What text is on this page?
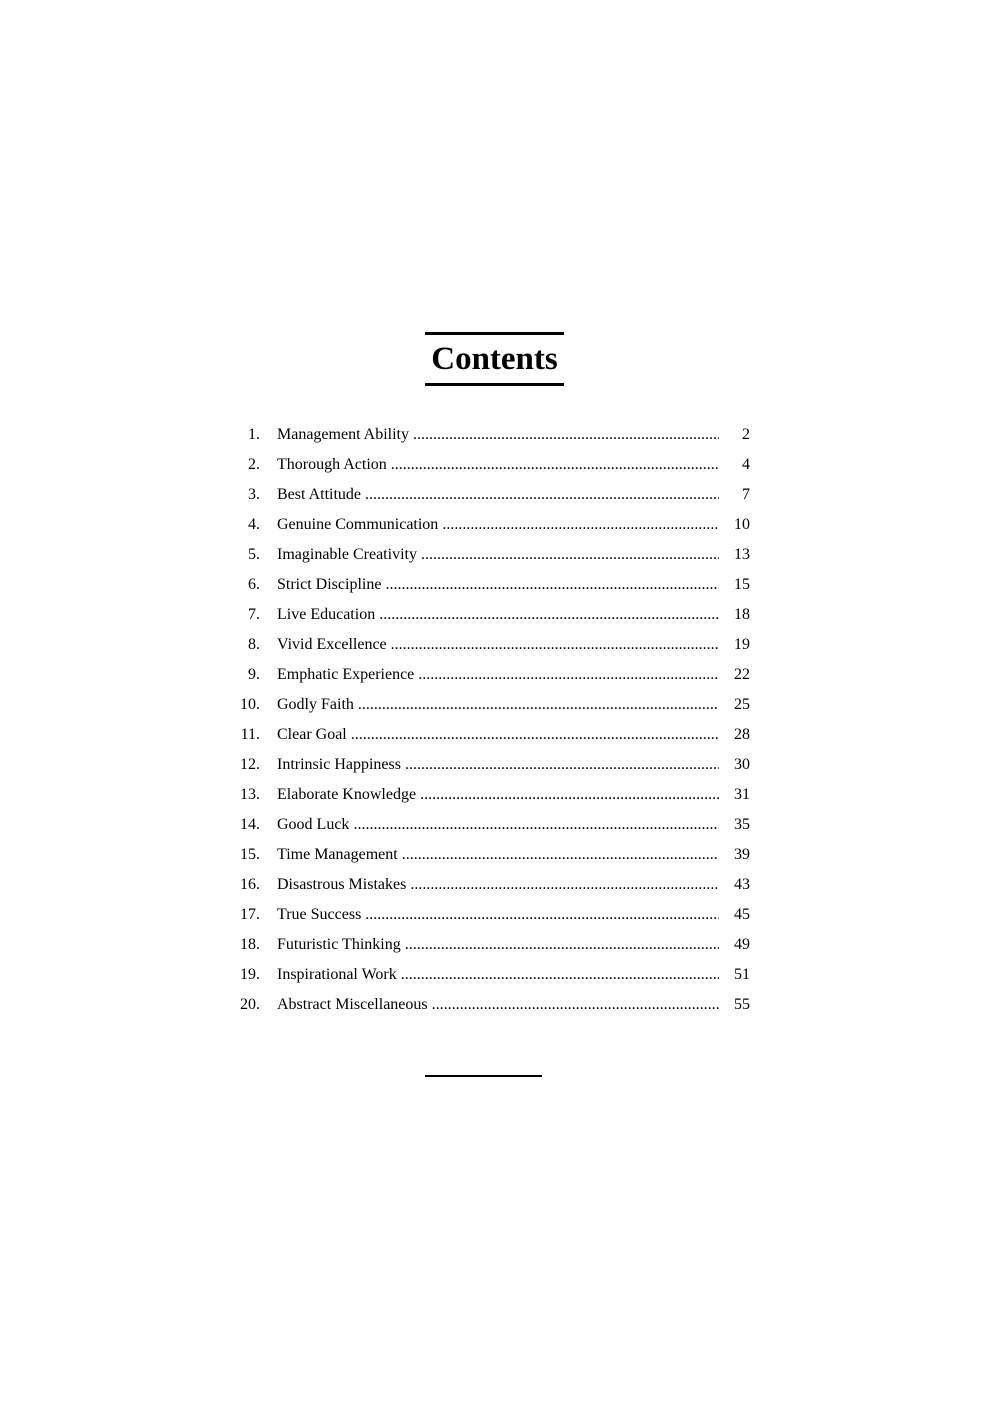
Contents
1. Management Ability .....	2
2. Thorough Action .....	4
3. Best Attitude .....	7
4. Genuine Communication .....	10
5. Imaginable Creativity .....	13
6. Strict Discipline .....	15
7. Live Education .....	18
8. Vivid Excellence .....	19
9. Emphatic Experience .....	22
10. Godly Faith .....	25
11. Clear Goal .....	28
12. Intrinsic Happiness .....	30
13. Elaborate Knowledge .....	31
14. Good Luck .....	35
15. Time Management .....	39
16. Disastrous Mistakes .....	43
17. True Success .....	45
18. Futuristic Thinking .....	49
19. Inspirational Work .....	51
20. Abstract Miscellaneous .....	55
